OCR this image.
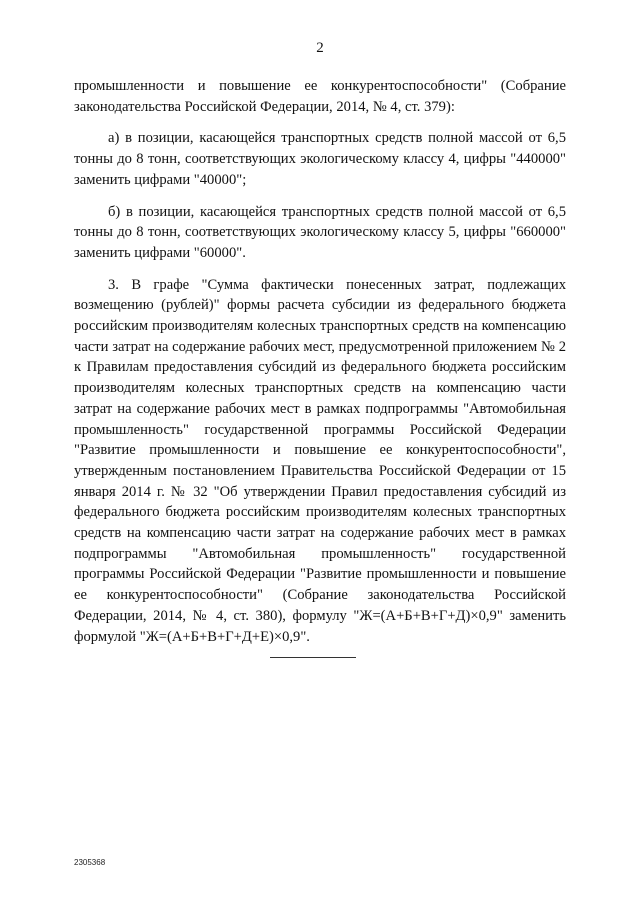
2

промышленности и повышение ее конкурентоспособности" (Собрание законодательства Российской Федерации, 2014, № 4, ст. 379):

а) в позиции, касающейся транспортных средств полной массой от 6,5 тонны до 8 тонн, соответствующих экологическому классу 4, цифры "440000" заменить цифрами "40000";

б) в позиции, касающейся транспортных средств полной массой от 6,5 тонны до 8 тонн, соответствующих экологическому классу 5, цифры "660000" заменить цифрами "60000".

3. В графе "Сумма фактически понесенных затрат, подлежащих возмещению (рублей)" формы расчета субсидии из федерального бюджета российским производителям колесных транспортных средств на компенсацию части затрат на содержание рабочих мест, предусмотренной приложением № 2 к Правилам предоставления субсидий из федерального бюджета российским производителям колесных транспортных средств на компенсацию части затрат на содержание рабочих мест в рамках подпрограммы "Автомобильная промышленность" государственной программы Российской Федерации "Развитие промышленности и повышение ее конкурентоспособности", утвержденным постановлением Правительства Российской Федерации от 15 января 2014 г. № 32 "Об утверждении Правил предоставления субсидий из федерального бюджета российским производителям колесных транспортных средств на компенсацию части затрат на содержание рабочих мест в рамках подпрограммы "Автомобильная промышленность" государственной программы Российской Федерации "Развитие промышленности и повышение ее конкурентоспособности" (Собрание законодательства Российской Федерации, 2014, № 4, ст. 380), формулу "Ж=(А+Б+В+Г+Д)×0,9" заменить формулой "Ж=(А+Б+В+Г+Д+Е)×0,9".

2305368
